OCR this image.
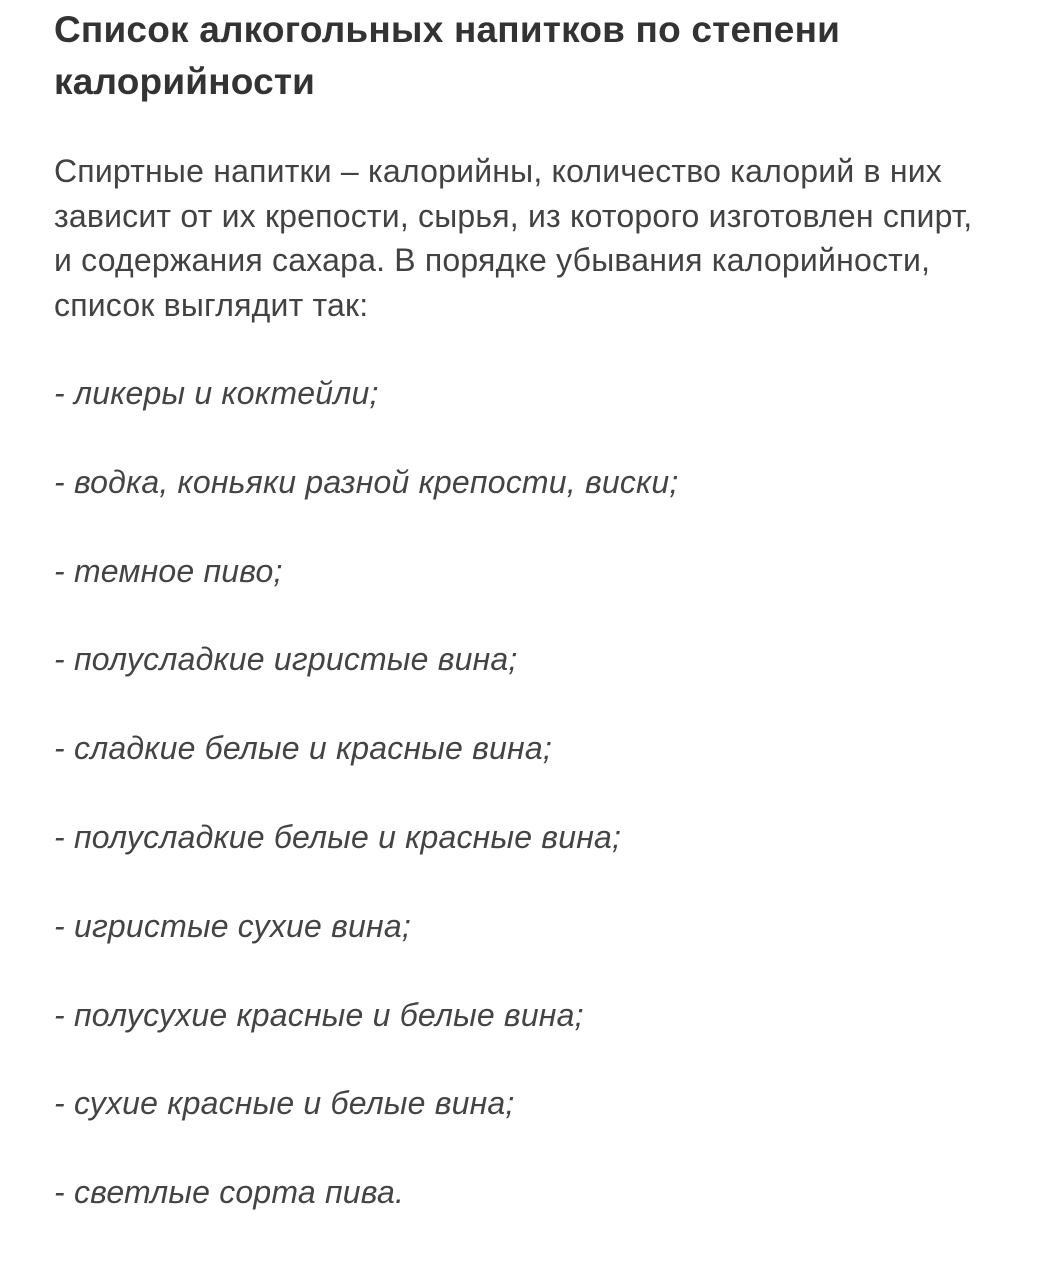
Список алкогольных напитков по степени калорийности

Спиртные напитки – калорийны, количество калорий в них зависит от их крепости, сырья, из которого изготовлен спирт, и содержания сахара. В порядке убывания калорийности, список выглядит так:

- ликеры и коктейли;
- водка, коньяки разной крепости, виски;
- темное пиво;
- полусладкие игристые вина;
- сладкие белые и красные вина;
- полусладкие белые и красные вина;
- игристые сухие вина;
- полусухие красные и белые вина;
- сухие красные и белые вина;
- светлые сорта пива.
